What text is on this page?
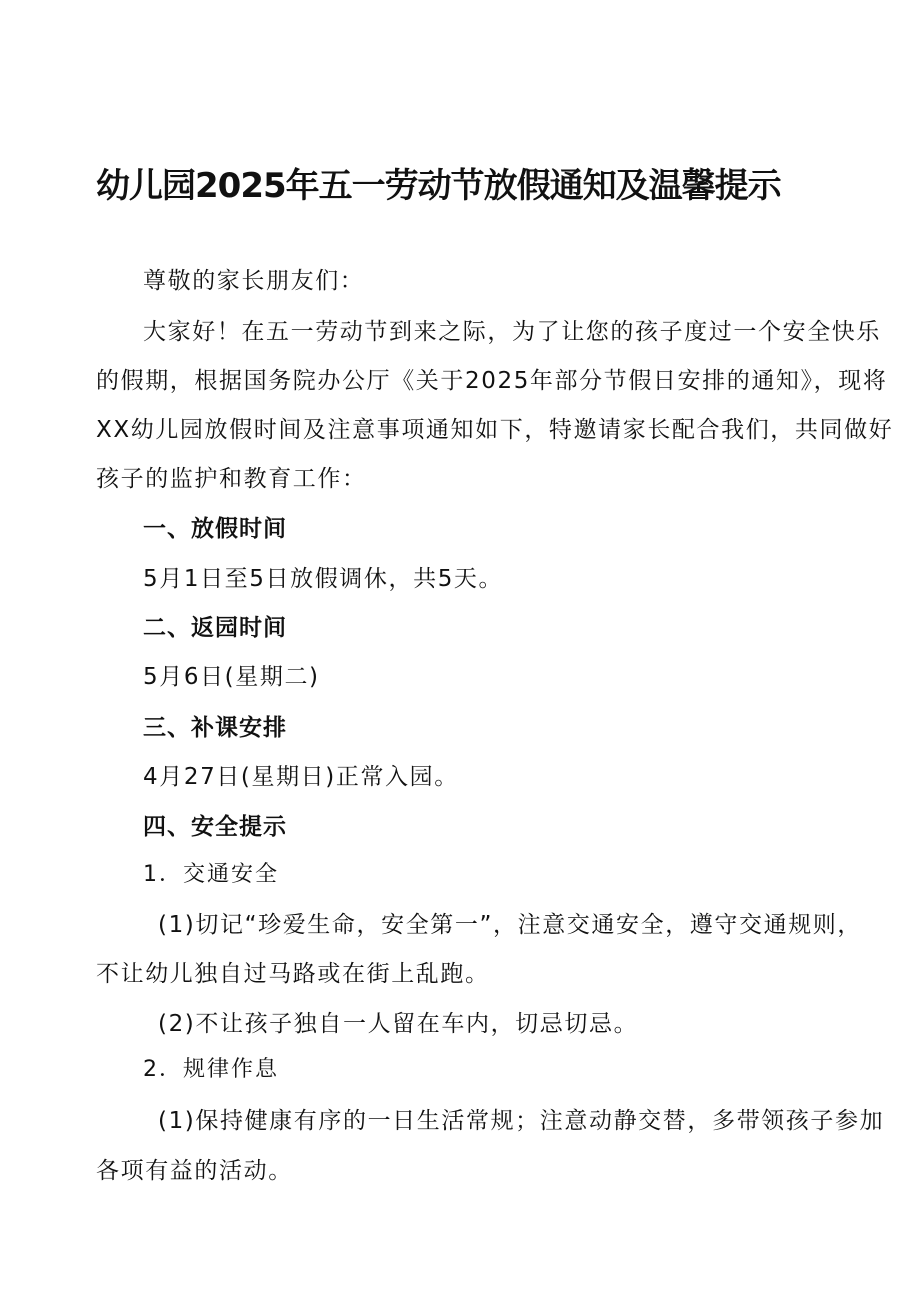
幼儿园2025年五一劳动节放假通知及温馨提示
尊敬的家长朋友们：
大家好！在五一劳动节到来之际，为了让您的孩子度过一个安全快乐
的假期，根据国务院办公厅《关于2025年部分节假日安排的通知》，现将
XX幼儿园放假时间及注意事项通知如下，特邀请家长配合我们，共同做好
孩子的监护和教育工作：
一、放假时间
5月1日至5日放假调休，共5天。
二、返园时间
5月6日(星期二)
三、补课安排
4月27日(星期日)正常入园。
四、安全提示
1．交通安全
(1)切记“珍爱生命，安全第一”，注意交通安全，遵守交通规则，
不让幼儿独自过马路或在街上乱跑。
(2)不让孩子独自一人留在车内，切忌切忌。
2．规律作息
(1)保持健康有序的一日生活常规；注意动静交替，多带领孩子参加
各项有益的活动。
